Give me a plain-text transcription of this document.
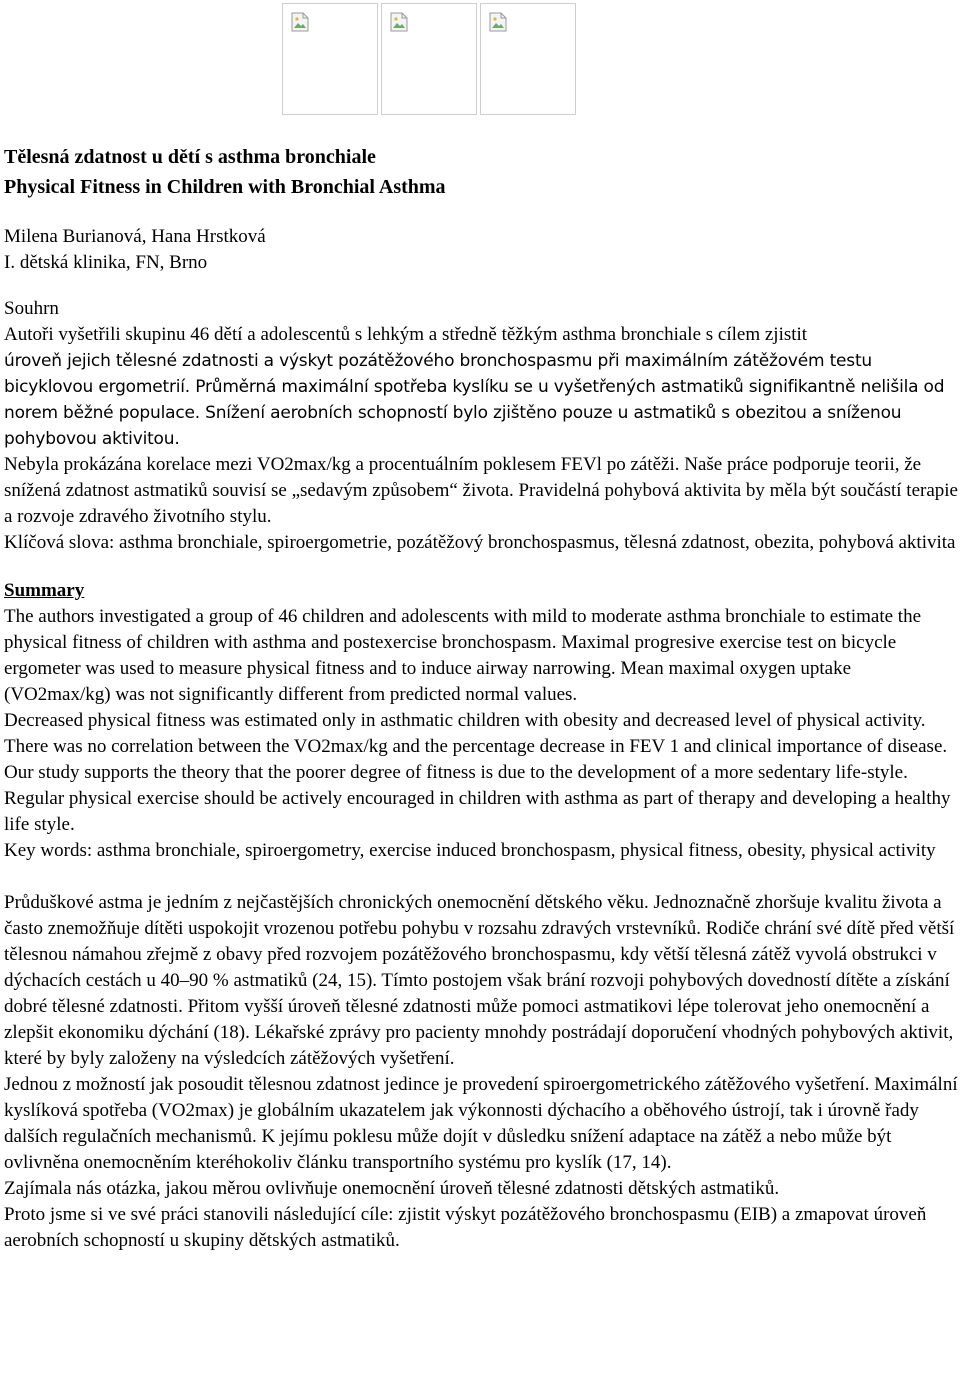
Tělesná zdatnost u dětí s asthma bronchiale
Physical Fitness in Children with Bronchial Asthma

Milena Burianová, Hana Hrstková

I. dětská klinika, FN, Brno

Souhrn

Autoři vyšetřili skupinu 46 dětí a adolescentů s lehkým a středně těžkým asthma bronchiale s cílem zjistit

úroveň jejich tělesné zdatnosti a výskyt pozátěžového bronchospasmu při maximálním zátěžovém testu bicyklovou ergometrií. Průměrná maximální spotřeba kyslíku se u vyšetřených astmatiků signifikantně nelišila od norem běžné populace. Snížení aerobních schopností bylo zjištěno pouze u astmatiků s obezitou a sníženou pohybovou aktivitou.

Nebyla prokázána korelace mezi VO2max/kg a procentuálním poklesem FEVl po zátěži. Naše práce podporuje teorii, že snížená zdatnost astmatiků souvisí se „sedavým způsobem“ života. Pravidelná pohybová aktivita by měla být součástí terapie a rozvoje zdravého životního stylu.

Klíčová slova: asthma bronchiale, spiroergometrie, pozátěžový bronchospasmus, tělesná zdatnost, obezita, pohybová aktivita

Summary

The authors investigated a group of 46 children and adolescents with mild to moderate asthma bronchiale to estimate the physical fitness of children with asthma and postexercise bronchospasm. Maximal progresive exercise test on bicycle ergometer was used to measure physical fitness and to induce airway narrowing. Mean maximal oxygen uptake (VO2max/kg) was not significantly different from predicted normal values.

Decreased physical fitness was estimated only in asthmatic children with obesity and decreased level of physical activity. There was no correlation between the VO2max/kg and the percentage decrease in FEV 1 and clinical importance of disease. Our study supports the theory that the poorer degree of fitness is due to the development of a more sedentary life-style. Regular physical exercise should be actively encouraged in children with asthma as part of therapy and developing a healthy life style.

Key words: asthma bronchiale, spiroergometry, exercise induced bronchospasm, physical fitness, obesity, physical activity

Průduškové astma je jedním z nejčastějších chronických onemocnění dětského věku. Jednoznačně zhoršuje kvalitu života a často znemožňuje dítěti uspokojit vrozenou potřebu pohybu v rozsahu zdravých vrstevníků. Rodiče chrání své dítě před větší tělesnou námahou zřejmě z obavy před rozvojem pozátěžového bronchospasmu, kdy větší tělesná zátěž vyvolá obstrukci v dýchacích cestách u 40–90 % astmatiků (24, 15). Tímto postojem však brání rozvoji pohybových dovedností dítěte a získání dobré tělesné zdatnosti. Přitom vyšší úroveň tělesné zdatnosti může pomoci astmatikovi lépe tolerovat jeho onemocnění a zlepšit ekonomiku dýchání (18). Lékařské zprávy pro pacienty mnohdy postrádají doporučení vhodných pohybových aktivit, které by byly založeny na výsledcích zátěžových vyšetření.

Jednou z možností jak posoudit tělesnou zdatnost jedince je provedení spiroergometrického zátěžového vyšetření. Maximální kyslíková spotřeba (VO2max) je globálním ukazatelem jak výkonnosti dýchacího a oběhového ústrojí, tak i úrovně řady dalších regulačních mechanismů. K jejímu poklesu může dojít v důsledku snížení adaptace na zátěž a nebo může být ovlivněna onemocněním kteréhokoliv článku transportního systému pro kyslík (17, 14).

Zajímala nás otázka, jakou měrou ovlivňuje onemocnění úroveň tělesné zdatnosti dětských astmatiků.

Proto jsme si ve své práci stanovili následující cíle: zjistit výskyt pozátěžového bronchospasmu (EIB) a zmapovat úroveň aerobních schopností u skupiny dětských astmatiků.
